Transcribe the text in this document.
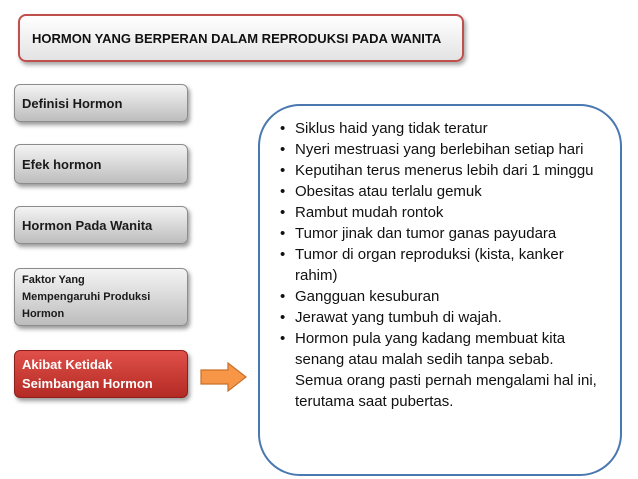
HORMON YANG BERPERAN DALAM REPRODUKSI PADA WANITA
Definisi Hormon
Efek hormon
Hormon Pada Wanita
Faktor Yang
Mempengaruhi Produksi
Hormon
Akibat Ketidak
Seimbangan Hormon
• Siklus haid yang tidak teratur
• Nyeri mestruasi yang berlebihan setiap hari
• Keputihan terus menerus lebih dari 1 minggu
• Obesitas atau terlalu gemuk
• Rambut mudah rontok
• Tumor jinak dan tumor ganas payudara
• Tumor di organ reproduksi (kista, kanker rahim)
• Gangguan kesuburan
• Jerawat yang tumbuh di wajah.
• Hormon pula yang kadang membuat kita senang atau malah sedih tanpa sebab. Semua orang pasti pernah mengalami hal ini, terutama saat pubertas.
